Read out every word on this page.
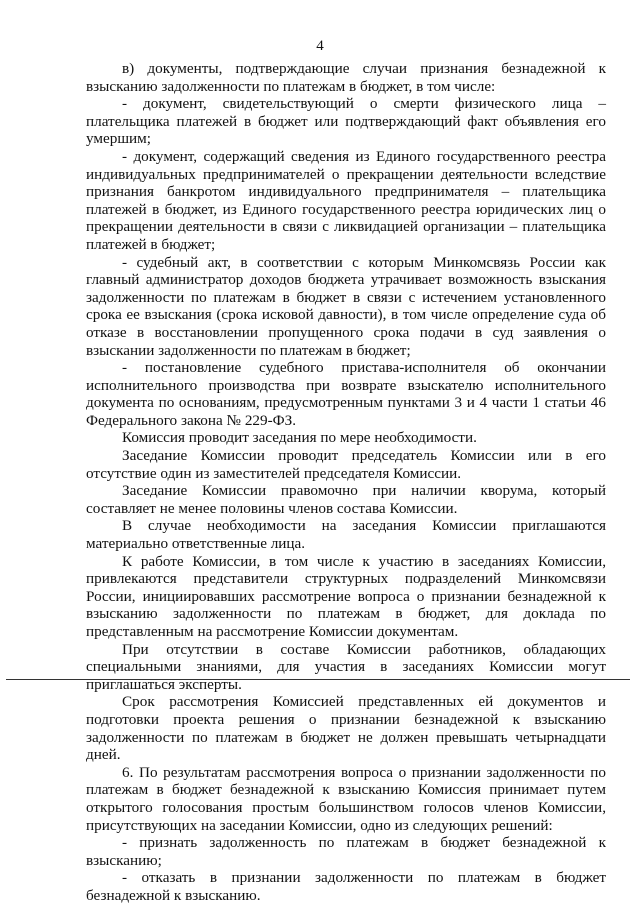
4

в) документы, подтверждающие случаи признания безнадежной к взысканию задолженности по платежам в бюджет, в том числе:

- документ, свидетельствующий о смерти физического лица – плательщика платежей в бюджет или подтверждающий факт объявления его умершим;

- документ, содержащий сведения из Единого государственного реестра индивидуальных предпринимателей о прекращении деятельности вследствие признания банкротом индивидуального предпринимателя – плательщика платежей в бюджет, из Единого государственного реестра юридических лиц о прекращении деятельности в связи с ликвидацией организации – плательщика платежей в бюджет;

- судебный акт, в соответствии с которым Минкомсвязь России как главный администратор доходов бюджета утрачивает возможность взыскания задолженности по платежам в бюджет в связи с истечением установленного срока ее взыскания (срока исковой давности), в том числе определение суда об отказе в восстановлении пропущенного срока подачи в суд заявления о взыскании задолженности по платежам в бюджет;

- постановление судебного пристава-исполнителя об окончании исполнительного производства при возврате взыскателю исполнительного документа по основаниям, предусмотренным пунктами 3 и 4 части 1 статьи 46 Федерального закона № 229-ФЗ.

Комиссия проводит заседания по мере необходимости.

Заседание Комиссии проводит председатель Комиссии или в его отсутствие один из заместителей председателя Комиссии.

Заседание Комиссии правомочно при наличии кворума, который составляет не менее половины членов состава Комиссии.

В случае необходимости на заседания Комиссии приглашаются материально ответственные лица.

К работе Комиссии, в том числе к участию в заседаниях Комиссии, привлекаются представители структурных подразделений Минкомсвязи России, инициировавших рассмотрение вопроса о признании безнадежной к взысканию задолженности по платежам в бюджет, для доклада по представленным на рассмотрение Комиссии документам.

При отсутствии в составе Комиссии работников, обладающих специальными знаниями, для участия в заседаниях Комиссии могут приглашаться эксперты.

Срок рассмотрения Комиссией представленных ей документов и подготовки проекта решения о признании безнадежной к взысканию задолженности по платежам в бюджет не должен превышать четырнадцати дней.

6. По результатам рассмотрения вопроса о признании задолженности по платежам в бюджет безнадежной к взысканию Комиссия принимает путем открытого голосования простым большинством голосов членов Комиссии, присутствующих на заседании Комиссии, одно из следующих решений:

- признать задолженность по платежам в бюджет безнадежной к взысканию;

- отказать в признании задолженности по платежам в бюджет безнадежной к взысканию.
